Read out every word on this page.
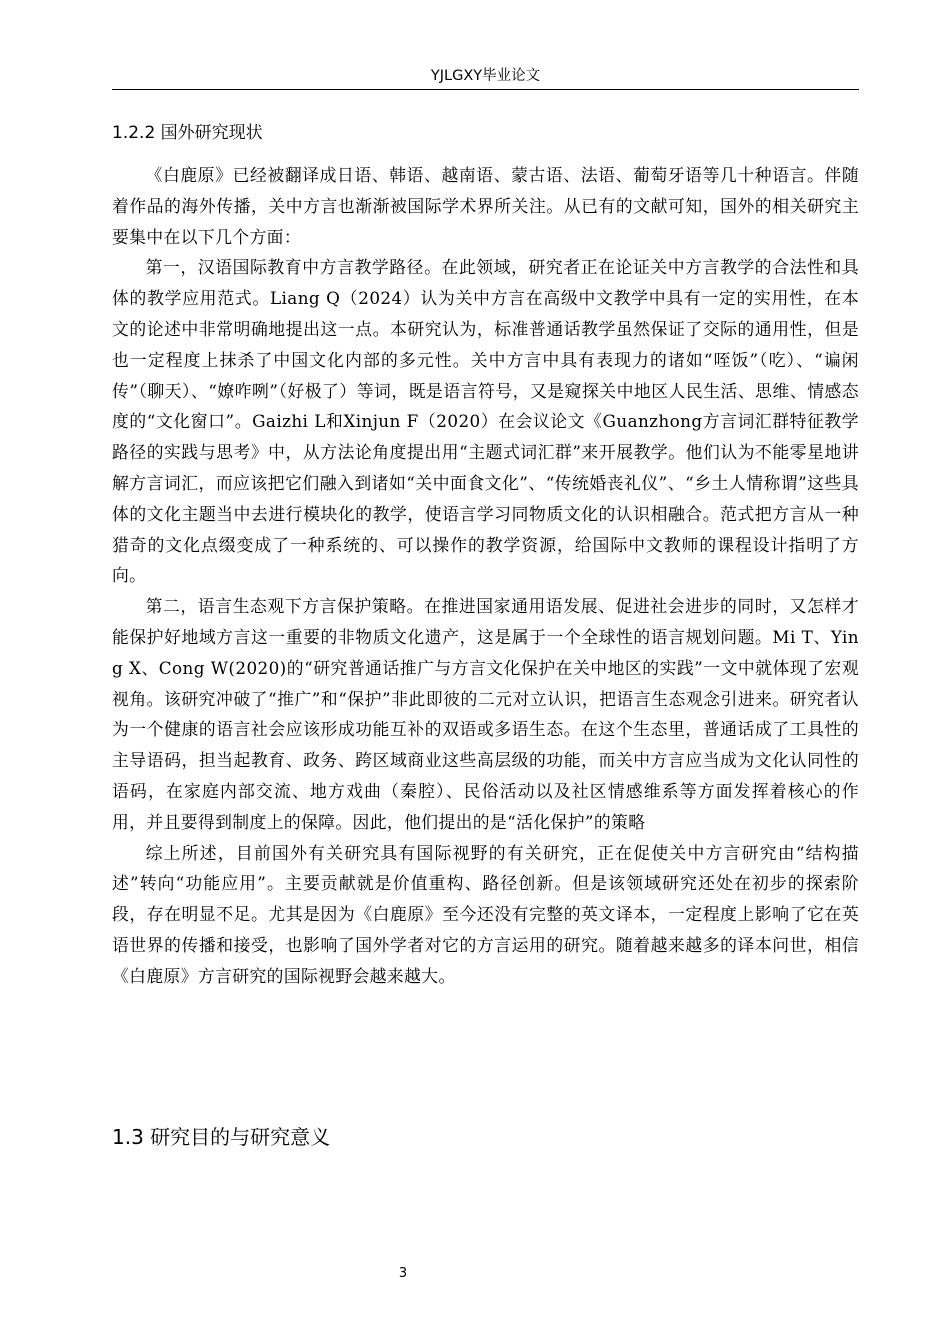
YJLGXY毕业论文
1.2.2 国外研究现状

《白鹿原》已经被翻译成日语、韩语、越南语、蒙古语、法语、葡萄牙语等几十种语言。伴随着作品的海外传播，关中方言也渐渐被国际学术界所关注。从已有的文献可知，国外的相关研究主要集中在以下几个方面：

第一，汉语国际教育中方言教学路径。在此领域，研究者正在论证关中方言教学的合法性和具体的教学应用范式。Liang Q（2024）认为关中方言在高级中文教学中具有一定的实用性，在本文的论述中非常明确地提出这一点。本研究认为，标准普通话教学虽然保证了交际的通用性，但是也一定程度上抹杀了中国文化内部的多元性。关中方言中具有表现力的诸如“咥饭”（吃）、“谝闲传”（聊天）、“嫽咋咧”（好极了）等词，既是语言符号，又是窥探关中地区人民生活、思维、情感态度的“文化窗口”。Gaizhi L和Xinjun F（2020）在会议论文《Guanzhong方言词汇群特征教学路径的实践与思考》中，从方法论角度提出用“主题式词汇群”来开展教学。他们认为不能零星地讲解方言词汇，而应该把它们融入到诸如“关中面食文化”、“传统婚丧礼仪”、“乡土人情称谓”这些具体的文化主题当中去进行模块化的教学，使语言学习同物质文化的认识相融合。范式把方言从一种猎奇的文化点缀变成了一种系统的、可以操作的教学资源，给国际中文教师的课程设计指明了方向。

第二，语言生态观下方言保护策略。在推进国家通用语发展、促进社会进步的同时，又怎样才能保护好地域方言这一重要的非物质文化遗产，这是属于一个全球性的语言规划问题。Mi T、Ying X、Cong W(2020)的“研究普通话推广与方言文化保护在关中地区的实践”一文中就体现了宏观视角。该研究冲破了“推广”和“保护”非此即彼的二元对立认识，把语言生态观念引进来。研究者认为一个健康的语言社会应该形成功能互补的双语或多语生态。在这个生态里，普通话成了工具性的主导语码，担当起教育、政务、跨区域商业这些高层级的功能，而关中方言应当成为文化认同性的语码，在家庭内部交流、地方戏曲（秦腔）、民俗活动以及社区情感维系等方面发挥着核心的作用，并且要得到制度上的保障。因此，他们提出的是“活化保护”的策略

综上所述，目前国外有关研究具有国际视野的有关研究，正在促使关中方言研究由“结构描述”转向“功能应用”。主要贡献就是价值重构、路径创新。但是该领域研究还处在初步的探索阶段，存在明显不足。尤其是因为《白鹿原》至今还没有完整的英文译本，一定程度上影响了它在英语世界的传播和接受，也影响了国外学者对它的方言运用的研究。随着越来越多的译本问世，相信《白鹿原》方言研究的国际视野会越来越大。

1.3 研究目的与研究意义
3
